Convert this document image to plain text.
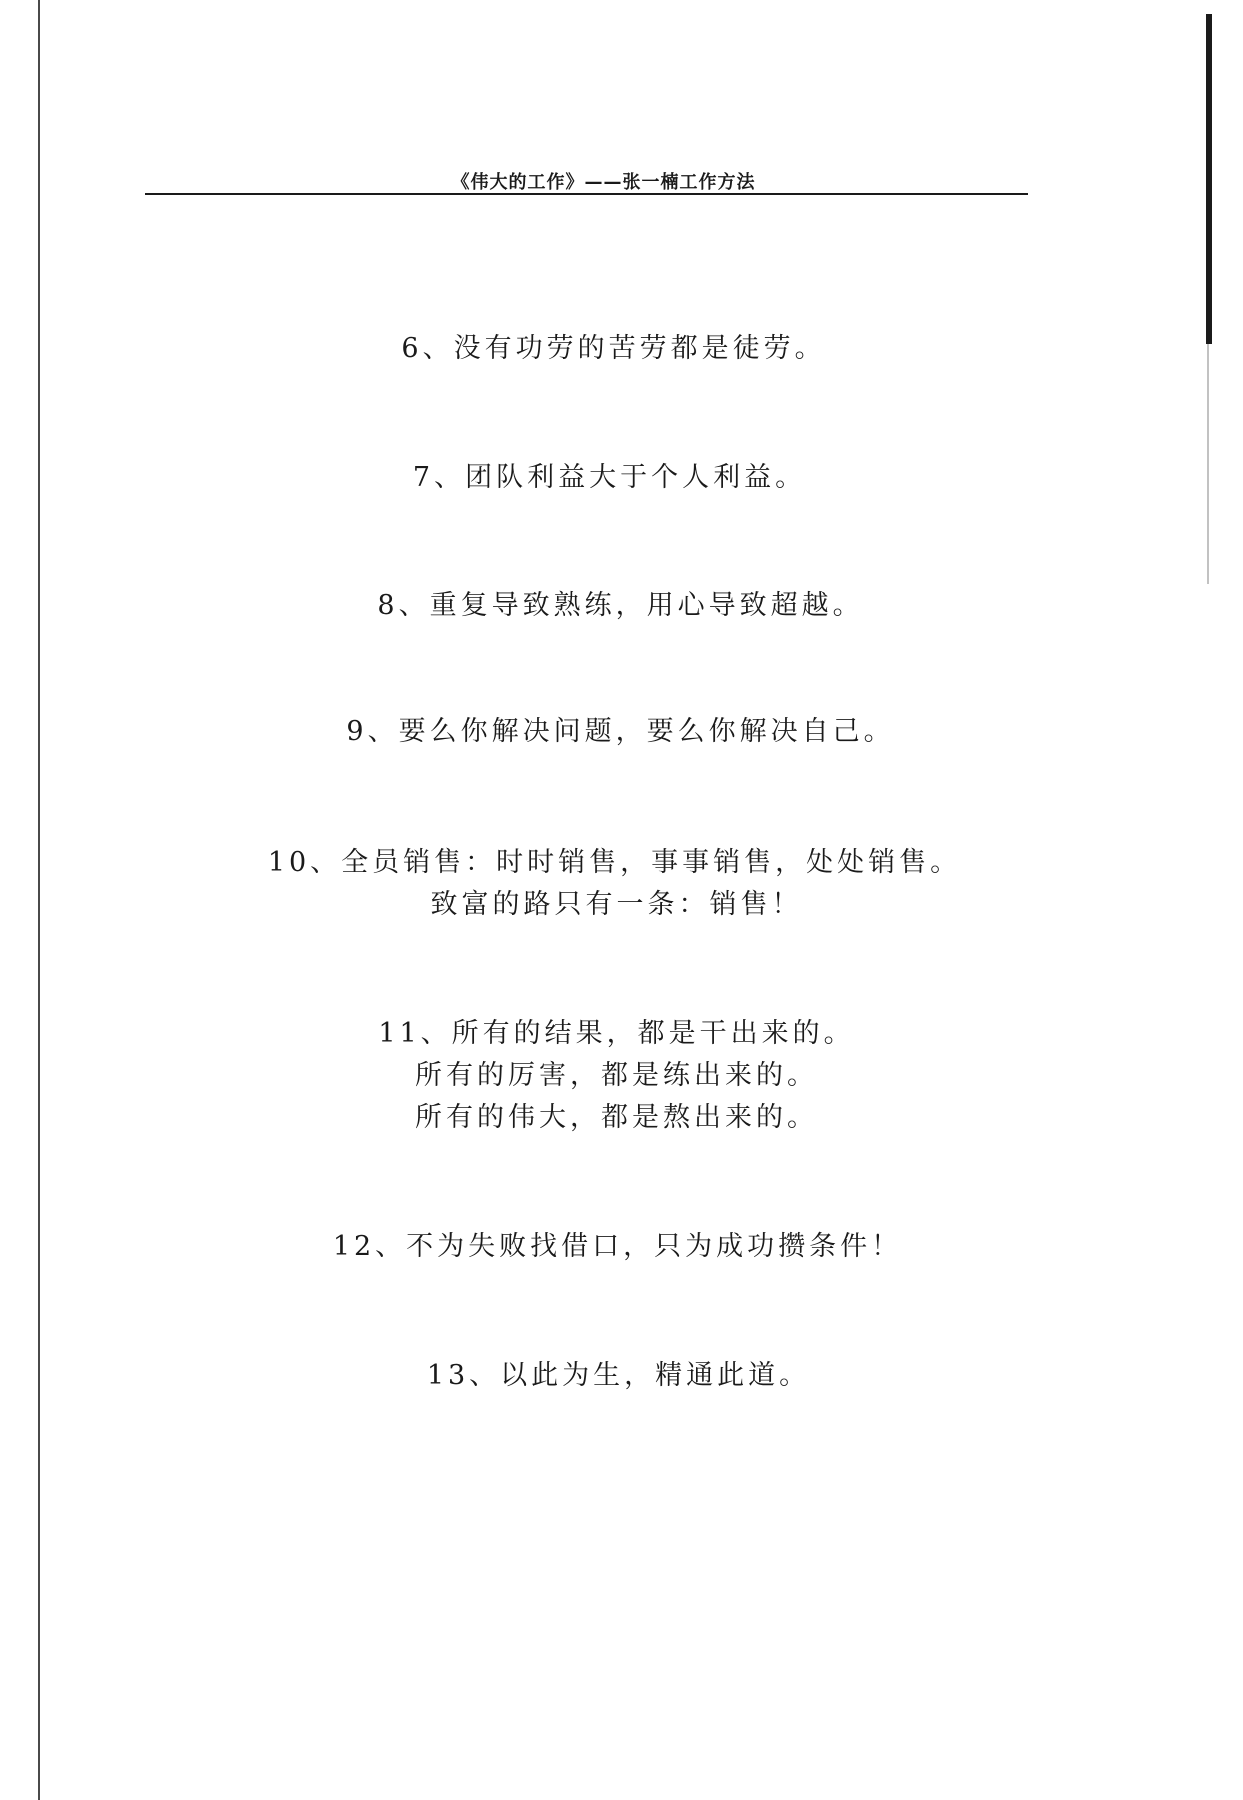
《伟大的工作》——张一楠工作方法
6、没有功劳的苦劳都是徒劳。
7、团队利益大于个人利益。
8、重复导致熟练，用心导致超越。
9、要么你解决问题，要么你解决自己。
10、全员销售：时时销售，事事销售，处处销售。
致富的路只有一条：销售！
11、所有的结果，都是干出来的。
所有的厉害，都是练出来的。
所有的伟大，都是熬出来的。
12、不为失败找借口，只为成功攒条件！
13、以此为生，精通此道。
